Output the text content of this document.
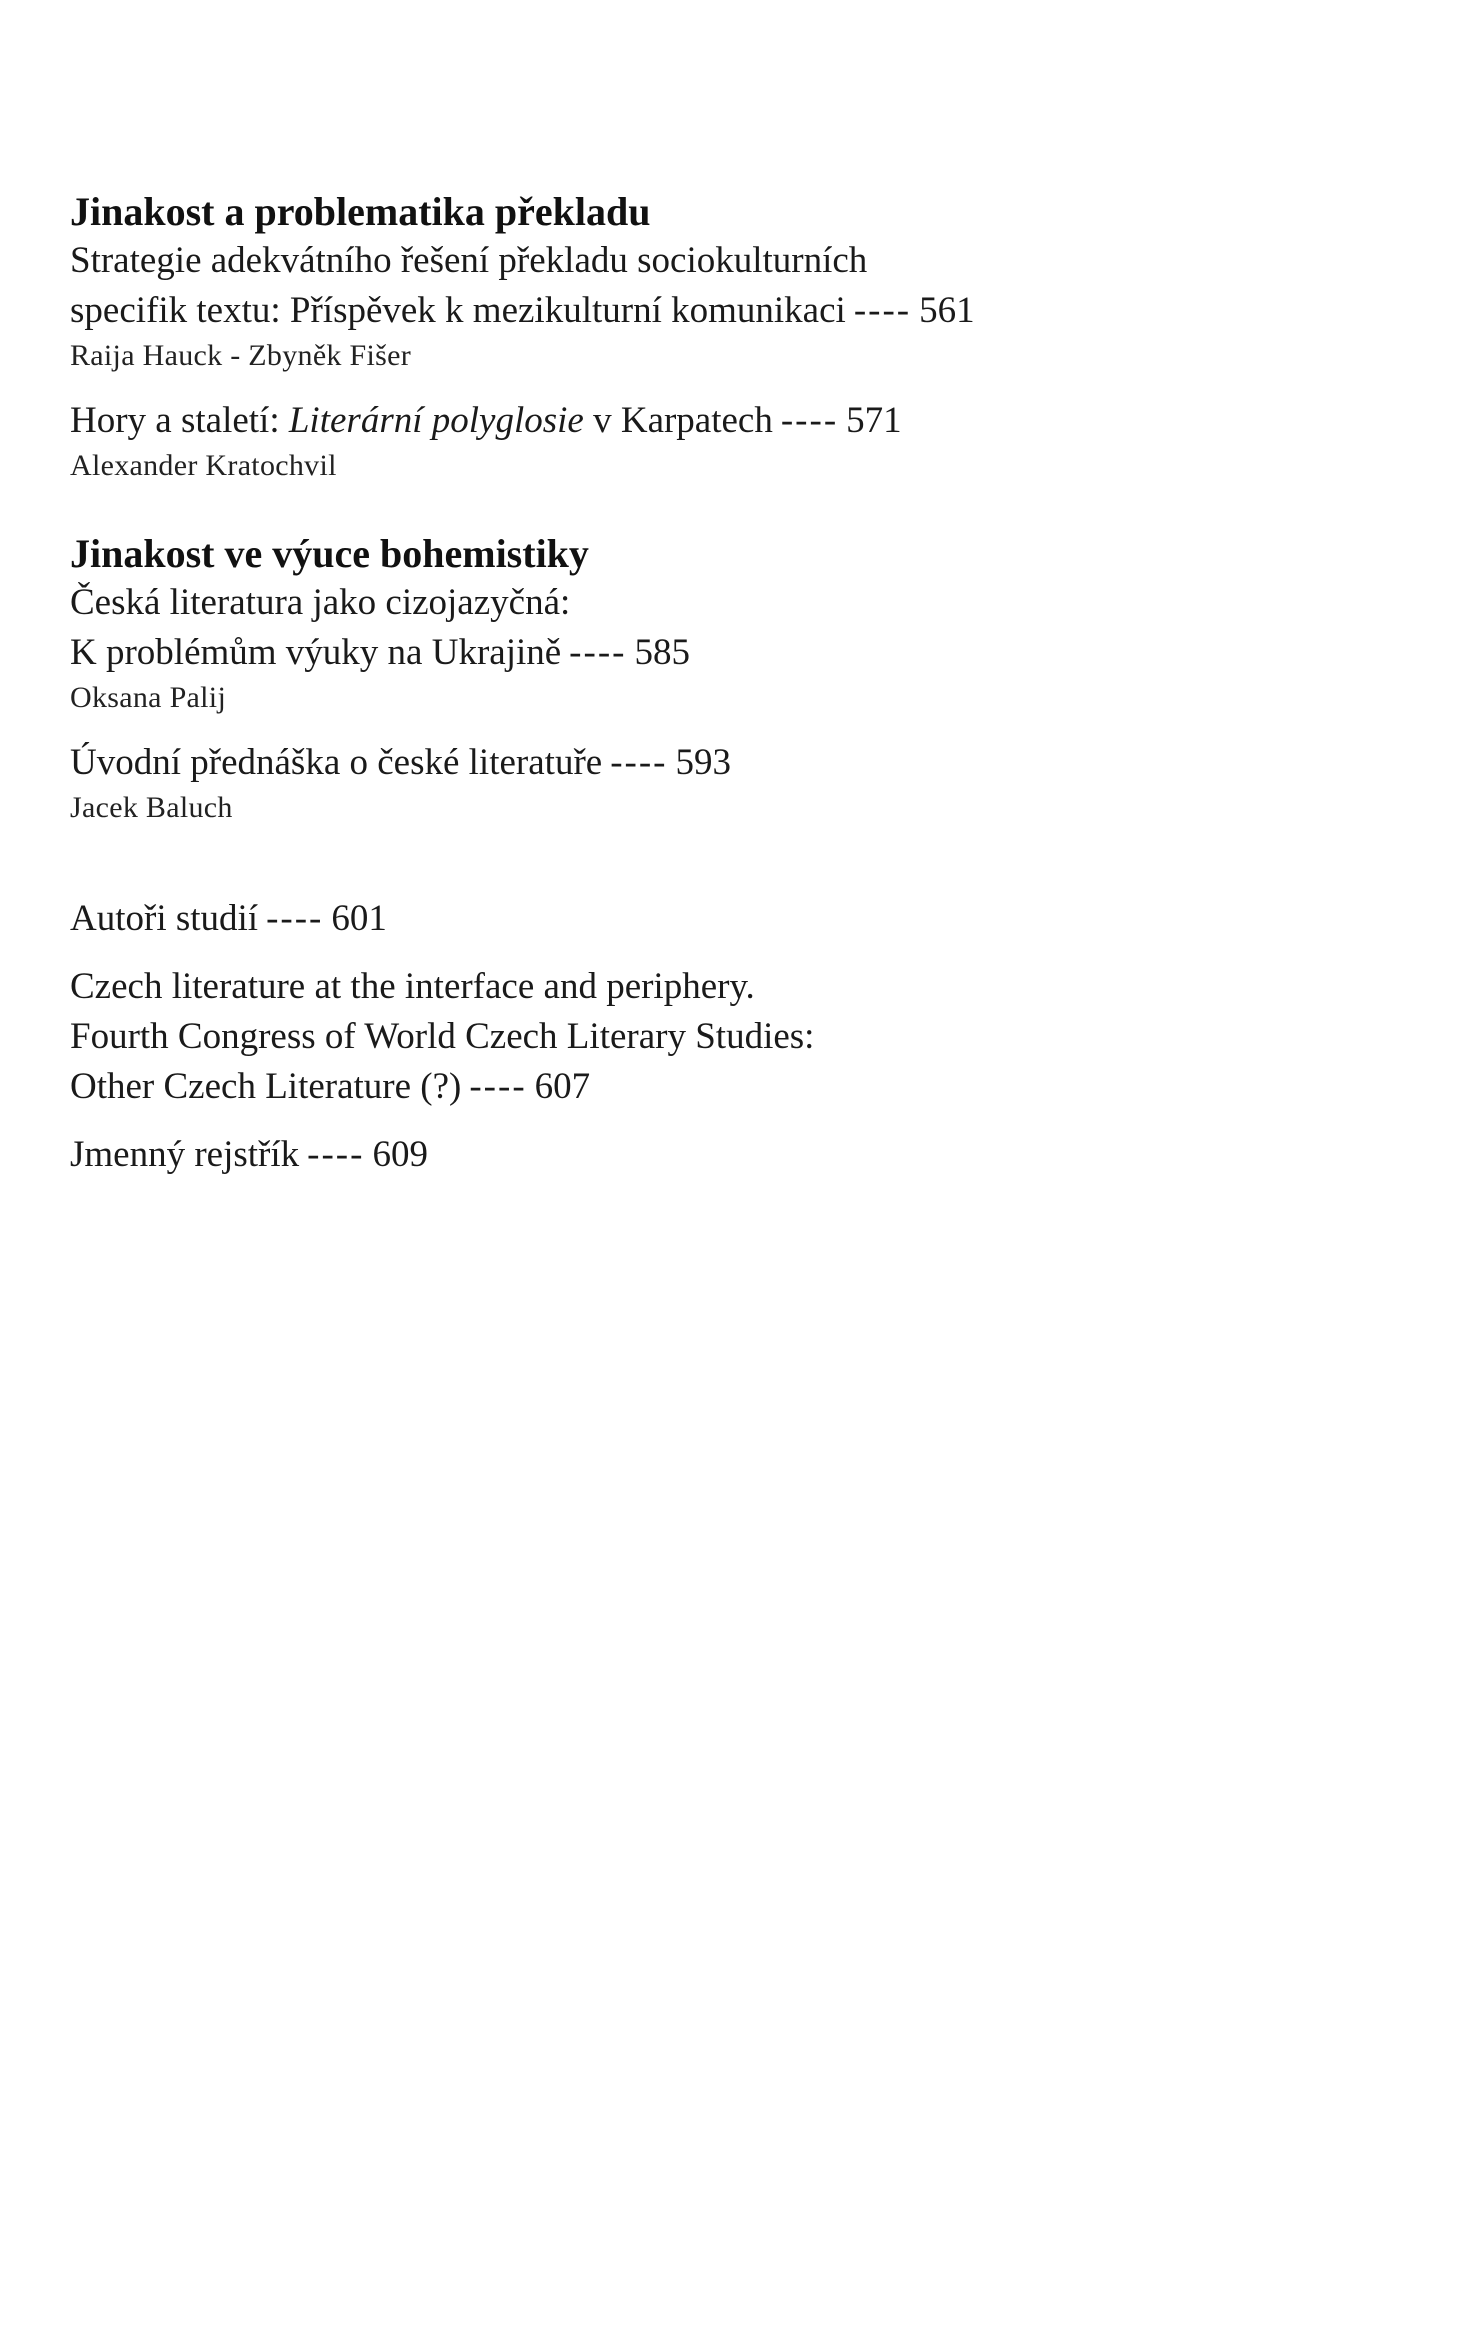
Jinakost a problematika překladu

Strategie adekvátního řešení překladu sociokulturních

specifik textu: Příspěvek k mezikulturní komunikaci ---- 561

Raija Hauck - Zbyněk Fišer

Hory a staletí: Literární polyglosie v Karpatech ---- 571

Alexander Kratochvil

Jinakost ve výuce bohemistiky

Česká literatura jako cizojazyčná:

K problémům výuky na Ukrajině ---- 585

Oksana Palij

Úvodní přednáška o české literatuře ---- 593

Jacek Baluch

Autoři studií ---- 601

Czech literature at the interface and periphery.

Fourth Congress of World Czech Literary Studies:

Other Czech Literature (?) ---- 607

Jmenný rejstřík ---- 609
